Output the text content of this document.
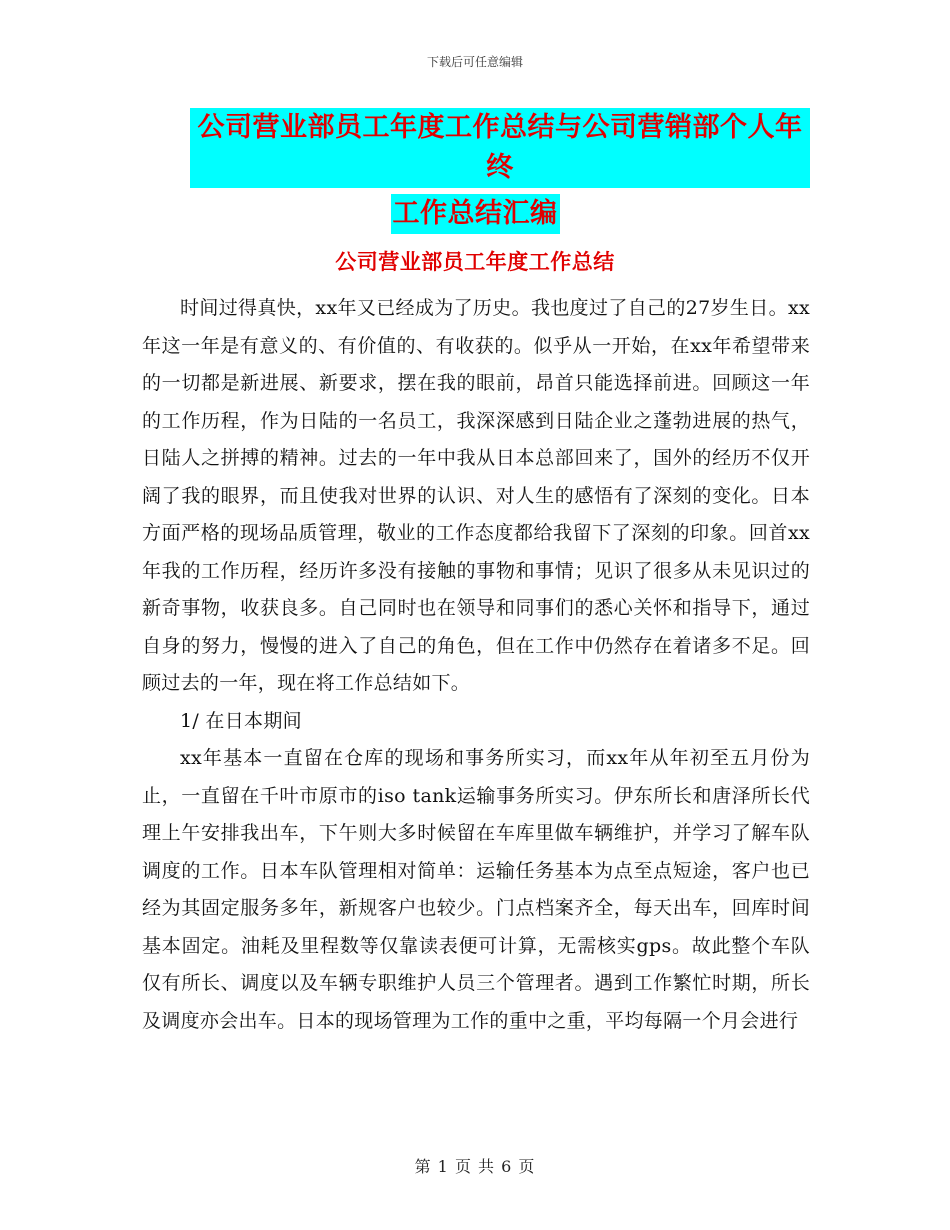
下载后可任意编辑
公司营业部员工年度工作总结与公司营销部个人年终
工作总结汇编
公司营业部员工年度工作总结

时间过得真快，xx年又已经成为了历史。我也度过了自己的27岁生日。xx年这一年是有意义的、有价值的、有收获的。似乎从一开始，在xx年希望带来的一切都是新进展、新要求，摆在我的眼前，昂首只能选择前进。回顾这一年的工作历程，作为日陆的一名员工，我深深感到日陆企业之蓬勃进展的热气，日陆人之拼搏的精神。过去的一年中我从日本总部回来了，国外的经历不仅开阔了我的眼界，而且使我对世界的认识、对人生的感悟有了深刻的变化。日本方面严格的现场品质管理，敬业的工作态度都给我留下了深刻的印象。回首xx年我的工作历程，经历许多没有接触的事物和事情；见识了很多从未见识过的新奇事物，收获良多。自己同时也在领导和同事们的悉心关怀和指导下，通过自身的努力，慢慢的进入了自己的角色，但在工作中仍然存在着诸多不足。回顾过去的一年，现在将工作总结如下。

1/ 在日本期间

xx年基本一直留在仓库的现场和事务所实习，而xx年从年初至五月份为止，一直留在千叶市原市的iso tank运输事务所实习。伊东所长和唐泽所长代理上午安排我出车，下午则大多时候留在车库里做车辆维护，并学习了解车队调度的工作。日本车队管理相对简单：运输任务基本为点至点短途，客户也已经为其固定服务多年，新规客户也较少。门点档案齐全，每天出车，回库时间基本固定。油耗及里程数等仅靠读表便可计算，无需核实gps。故此整个车队仅有所长、调度以及车辆专职维护人员三个管理者。遇到工作繁忙时期，所长及调度亦会出车。日本的现场管理为工作的重中之重，平均每隔一个月会进行

第 1 页 共 6 页
